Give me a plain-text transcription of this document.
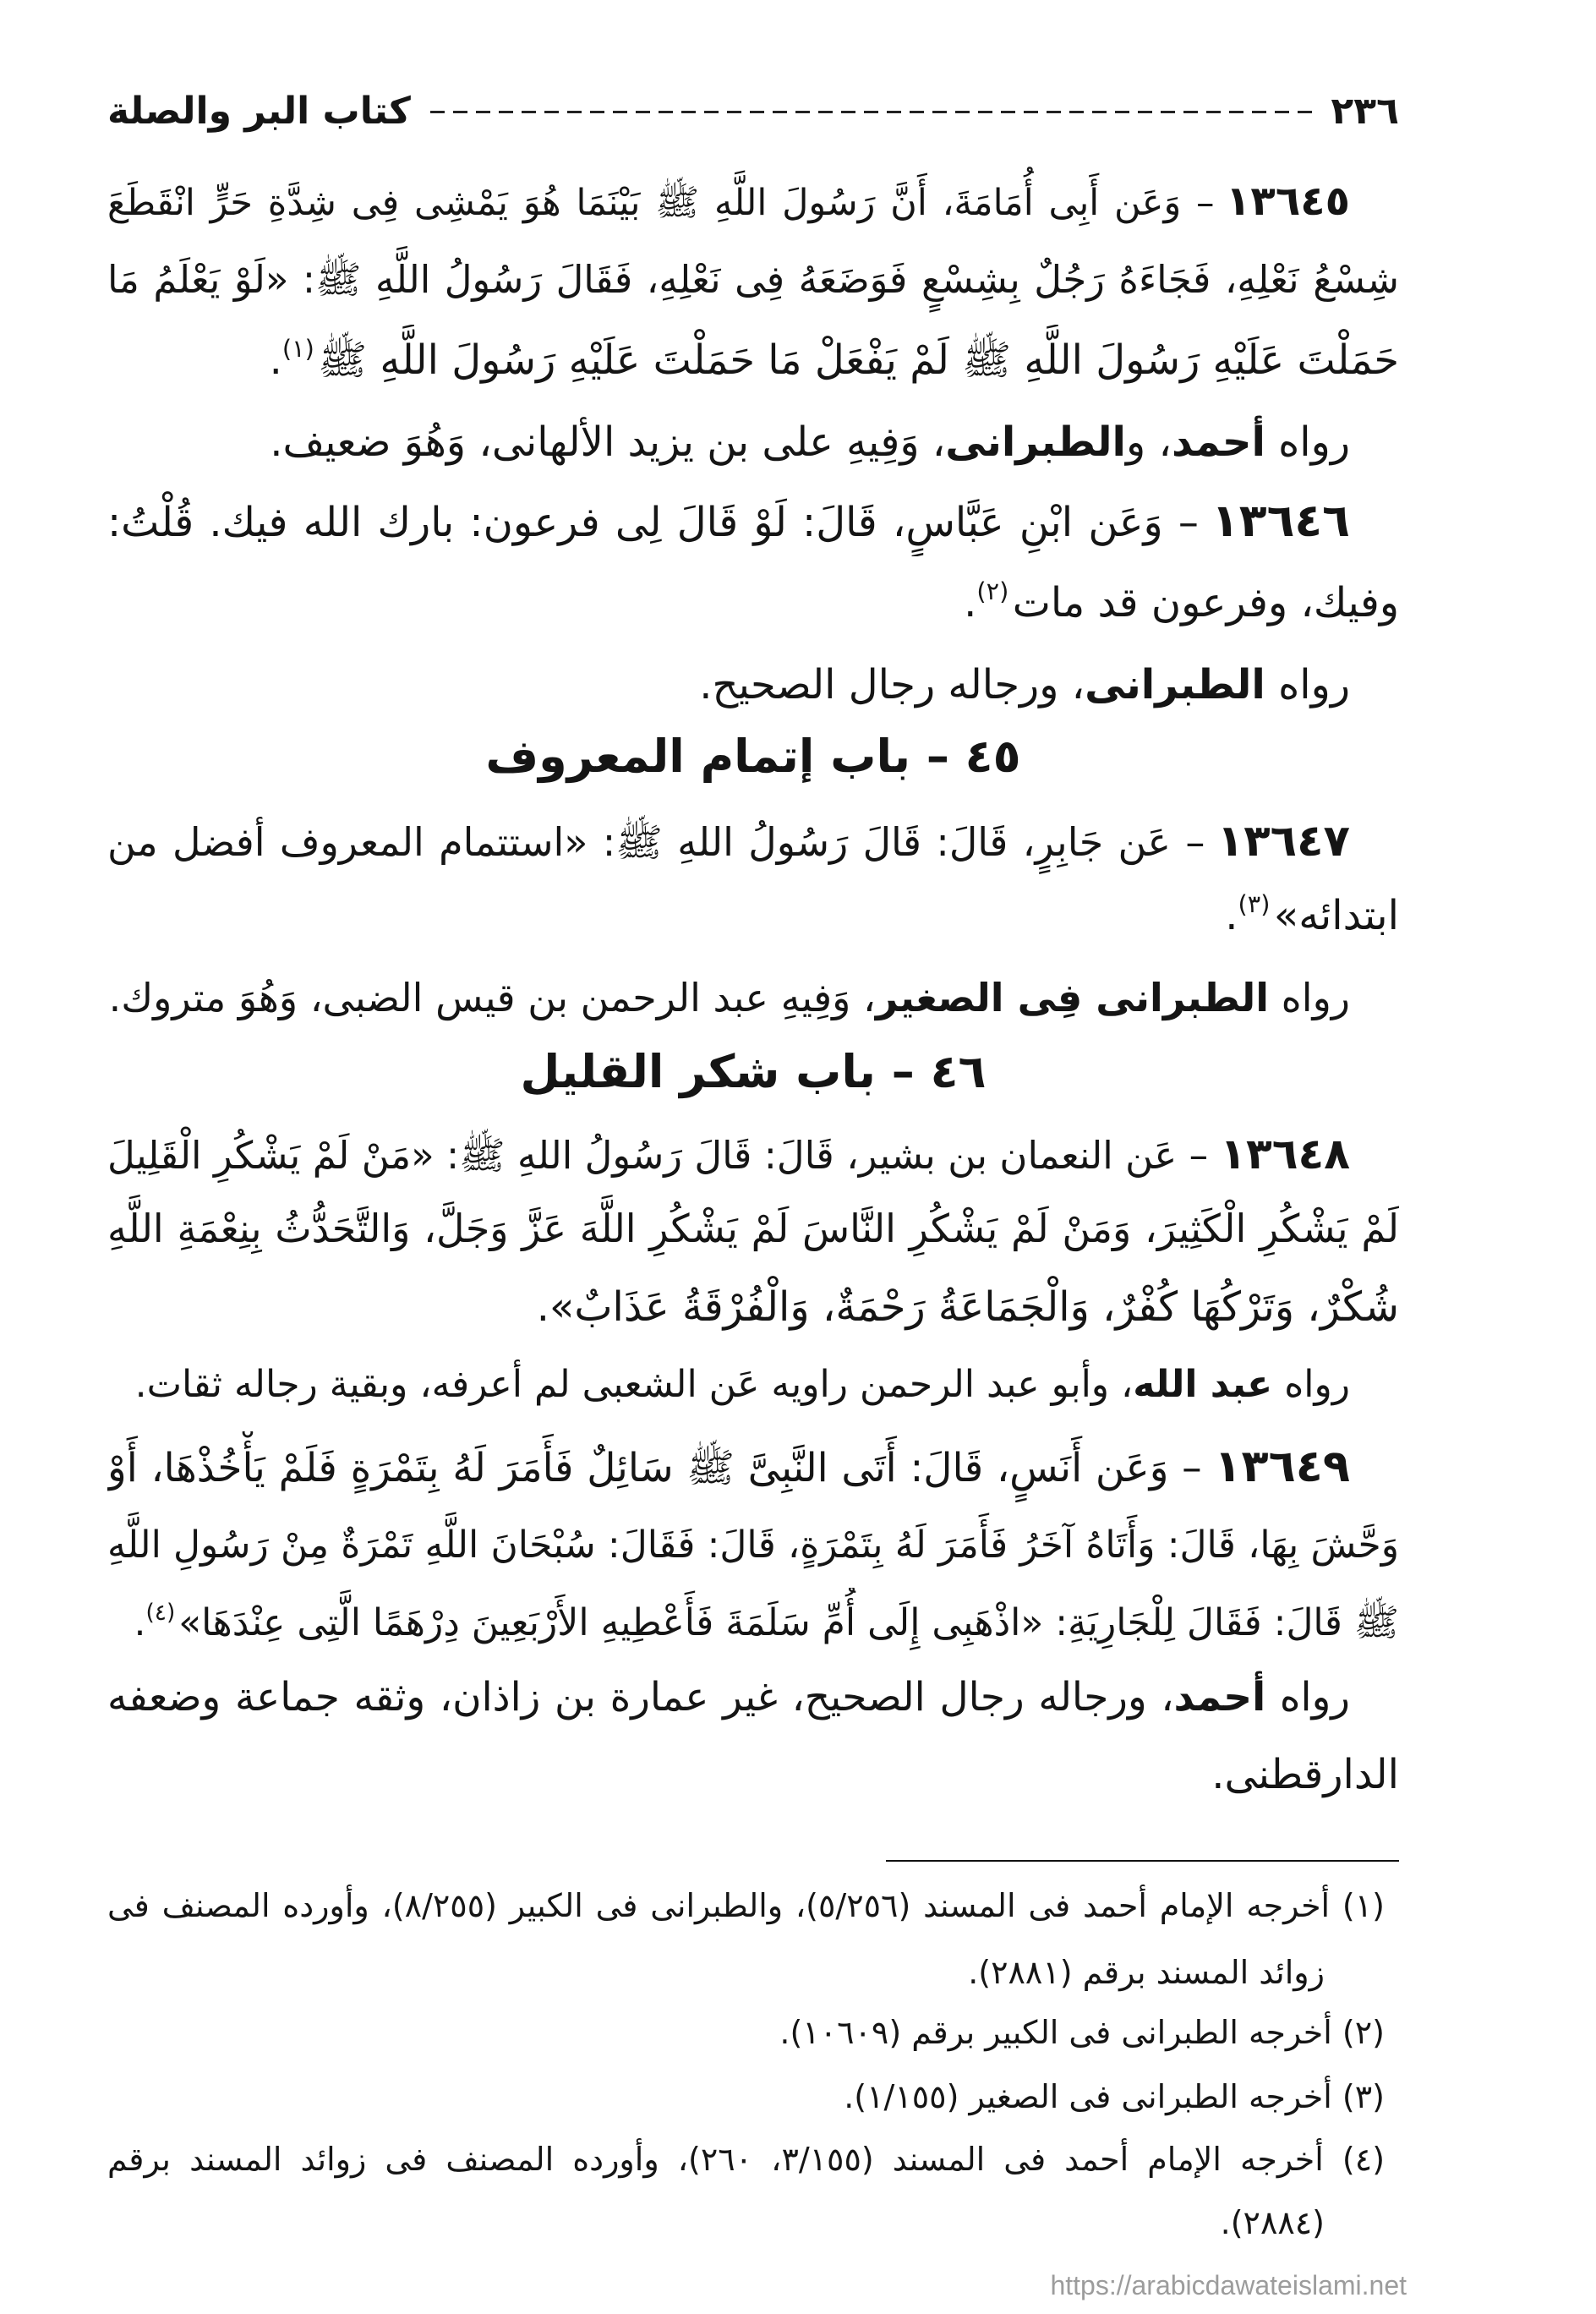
٢٣٦
كتاب البر والصلة
١٣٦٤٥– وَعَن أَبِى أُمَامَةَ، أَنَّ رَسُولَ اللَّهِ ﷺ بَيْنَمَا هُوَ يَمْشِى فِى شِدَّةِ حَرٍّ انْقَطَعَ
شِسْعُ نَعْلِهِ، فَجَاءَهُ رَجُلٌ بِشِسْعٍ فَوَضَعَهُ فِى نَعْلِهِ، فَقَالَ رَسُولُ اللَّهِ ﷺ: «لَوْ يَعْلَمُ مَا
حَمَلْتَ عَلَيْهِ رَسُولَ اللَّهِ ﷺ لَمْ يَفْعَلْ مَا حَمَلْتَ عَلَيْهِ رَسُولَ اللَّهِ ﷺ$^{(١)}$.
رواه أحمد، والطبرانى، وَفِيهِ على بن يزيد الألهانى، وَهُوَ ضعيف.
١٣٦٤٦– وَعَن ابْنِ عَبَّاسٍ، قَالَ: لَوْ قَالَ لِى فرعون: بارك الله فيك. قُلْتُ:
وفيك، وفرعون قد مات$^{(٢)}$.
رواه الطبرانى، ورجاله رجال الصحيح.
٤٥ – باب إتمام المعروف
١٣٦٤٧– عَن جَابِرٍ، قَالَ: قَالَ رَسُولُ اللهِ ﷺ: «استتمام المعروف أفضل من
ابتدائه»$^{(٣)}$.
رواه الطبرانى فِى الصغير، وَفِيهِ عبد الرحمن بن قيس الضبى، وَهُوَ متروك.
٤٦ – باب شكر القليل
١٣٦٤٨– عَن النعمان بن بشير، قَالَ: قَالَ رَسُولُ اللهِ ﷺ: «مَنْ لَمْ يَشْكُرِ الْقَلِيلَ
لَمْ يَشْكُرِ الْكَثِيرَ، وَمَنْ لَمْ يَشْكُرِ النَّاسَ لَمْ يَشْكُرِ اللَّهَ عَزَّ وَجَلَّ، وَالتَّحَدُّثُ بِنِعْمَةِ اللَّهِ
شُكْرٌ، وَتَرْكُهَا كُفْرٌ، وَالْجَمَاعَةُ رَحْمَةٌ، وَالْفُرْقَةُ عَذَابٌ».
رواه عبد الله، وأبو عبد الرحمن راويه عَن الشعبى لم أعرفه، وبقية رجاله ثقات.
١٣٦٤٩– وَعَن أَنَسٍ، قَالَ: أَتَى النَّبِىَّ ﷺ سَائِلٌ فَأَمَرَ لَهُ بِتَمْرَةٍ فَلَمْ يَأْخُذْهَا، أَوْ
وَحَّشَ بِهَا، قَالَ: وَأَتَاهُ آخَرُ فَأَمَرَ لَهُ بِتَمْرَةٍ، قَالَ: فَقَالَ: سُبْحَانَ اللَّهِ تَمْرَةٌ مِنْ رَسُولِ اللَّهِ
ﷺ قَالَ: فَقَالَ لِلْجَارِيَةِ: «اذْهَبِى إِلَى أُمِّ سَلَمَةَ فَأَعْطِيهِ الأَرْبَعِينَ دِرْهَمًا الَّتِى عِنْدَهَا»$^{(٤)}$.
رواه أحمد، ورجاله رجال الصحيح، غير عمارة بن زاذان، وثقه جماعة وضعفه
الدارقطنى.
(١) أخرجه الإمام أحمد فى المسند (٥/٢٥٦)، والطبرانى فى الكبير (٨/٢٥٥)، وأورده المصنف فى
زوائد المسند برقم (٢٨٨١).
(٢) أخرجه الطبرانى فى الكبير برقم (١٠٦٠٩).
(٣) أخرجه الطبرانى فى الصغير (١/١٥٥).
(٤) أخرجه الإمام أحمد فى المسند (٣/١٥٥، ٢٦٠)، وأورده المصنف فى زوائد المسند برقم
(٢٨٨٤).
https://arabicdawateislami.net
